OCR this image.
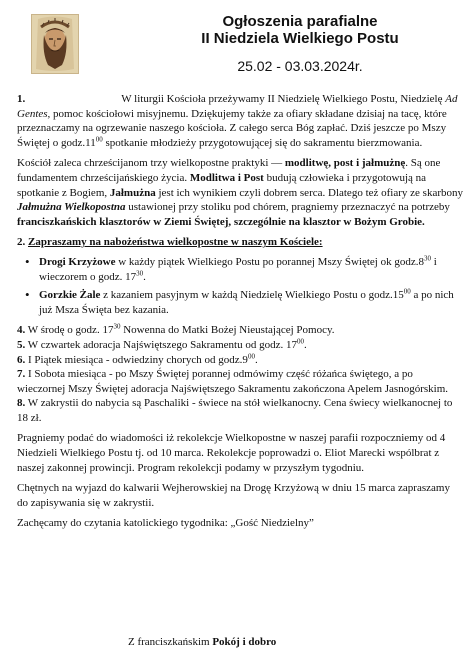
Ogłoszenia parafialne
II Niedziela Wielkiego Postu
25.02 - 03.03.2024r.

1.	W liturgii Kościoła przeżywamy II Niedzielę Wielkiego Postu, Niedzielę Ad Gentes, pomoc kościołowi misyjnemu. Dziękujemy także za ofiary składane dzisiaj na tacę, które przeznaczamy na ogrzewanie naszego kościoła. Z całego serca Bóg zapłać. Dziś jeszcze po Mszy Świętej o $godz.11^{00}$ spotkanie młodzieży przygotowującej się do sakramentu bierzmowania.

Kościół zaleca chrześcijanom trzy wielkopostne praktyki — modlitwę, post i jałmużnę. Są one fundamentem chrześcijańskiego życia. Modlitwa i Post budują człowieka i przygotowują na spotkanie z Bogiem, Jałmużna jest ich wynikiem czyli dobrem serca. Dlatego też ofiary ze skarbony Jałmużna Wielkopostna ustawionej przy stoliku pod chórem, pragniemy przeznaczyć na potrzeby franciszkańskich klasztorów w Ziemi Świętej, szczególnie na klasztor w Bożym Grobie.

2. Zapraszamy na nabożeństwa wielkopostne w naszym Kościele:
• Drogi Krzyżowe w każdy piątek Wielkiego Postu po porannej Mszy Świętej ok $godz.8^{30}$ i wieczorem o godz. $17^{30}$.
• Gorzkie Żale z kazaniem pasyjnym w każdą Niedzielę Wielkiego Postu o $godz.15^{00}$ a po nich już Msza Święta bez kazania.
4. W środę o godz. $17^{30}$ Nowenna do Matki Bożej Nieustającej Pomocy.
5. W czwartek adoracja Najświętszego Sakramentu od godz. $17^{00}$.
6. I Piątek miesiąca - odwiedziny chorych od $godz.9^{00}$.
7. I Sobota miesiąca - po Mszy Świętej porannej odmówimy część różańca świętego, a po wieczornej Mszy Świętej adoracja Najświętszego Sakramentu zakończona Apelem Jasnogórskim.

8. W zakrystii do nabycia są Paschaliki - świece na stół wielkanocny. Cena świecy wielkanocnej to 18 zł.

Pragniemy podać do wiadomości iż rekolekcje Wielkopostne w naszej parafii rozpoczniemy od 4 Niedzieli Wielkiego Postu tj. od 10 marca. Rekolekcje poprowadzi o. Eliot Marecki wspólbrat z naszej zakonnej prowincji. Program rekolekcji podamy w przyszłym tygodniu.

Chętnych na wyjazd do kalwarii Wejherowskiej na Drogę Krzyżową w dniu 15 marca zapraszamy do zapisywania się w zakrystii.

Zachęcamy do czytania katolickiego tygodnika: „Gość Niedzielny”

Z franciszkańskim Pokój i dobro
